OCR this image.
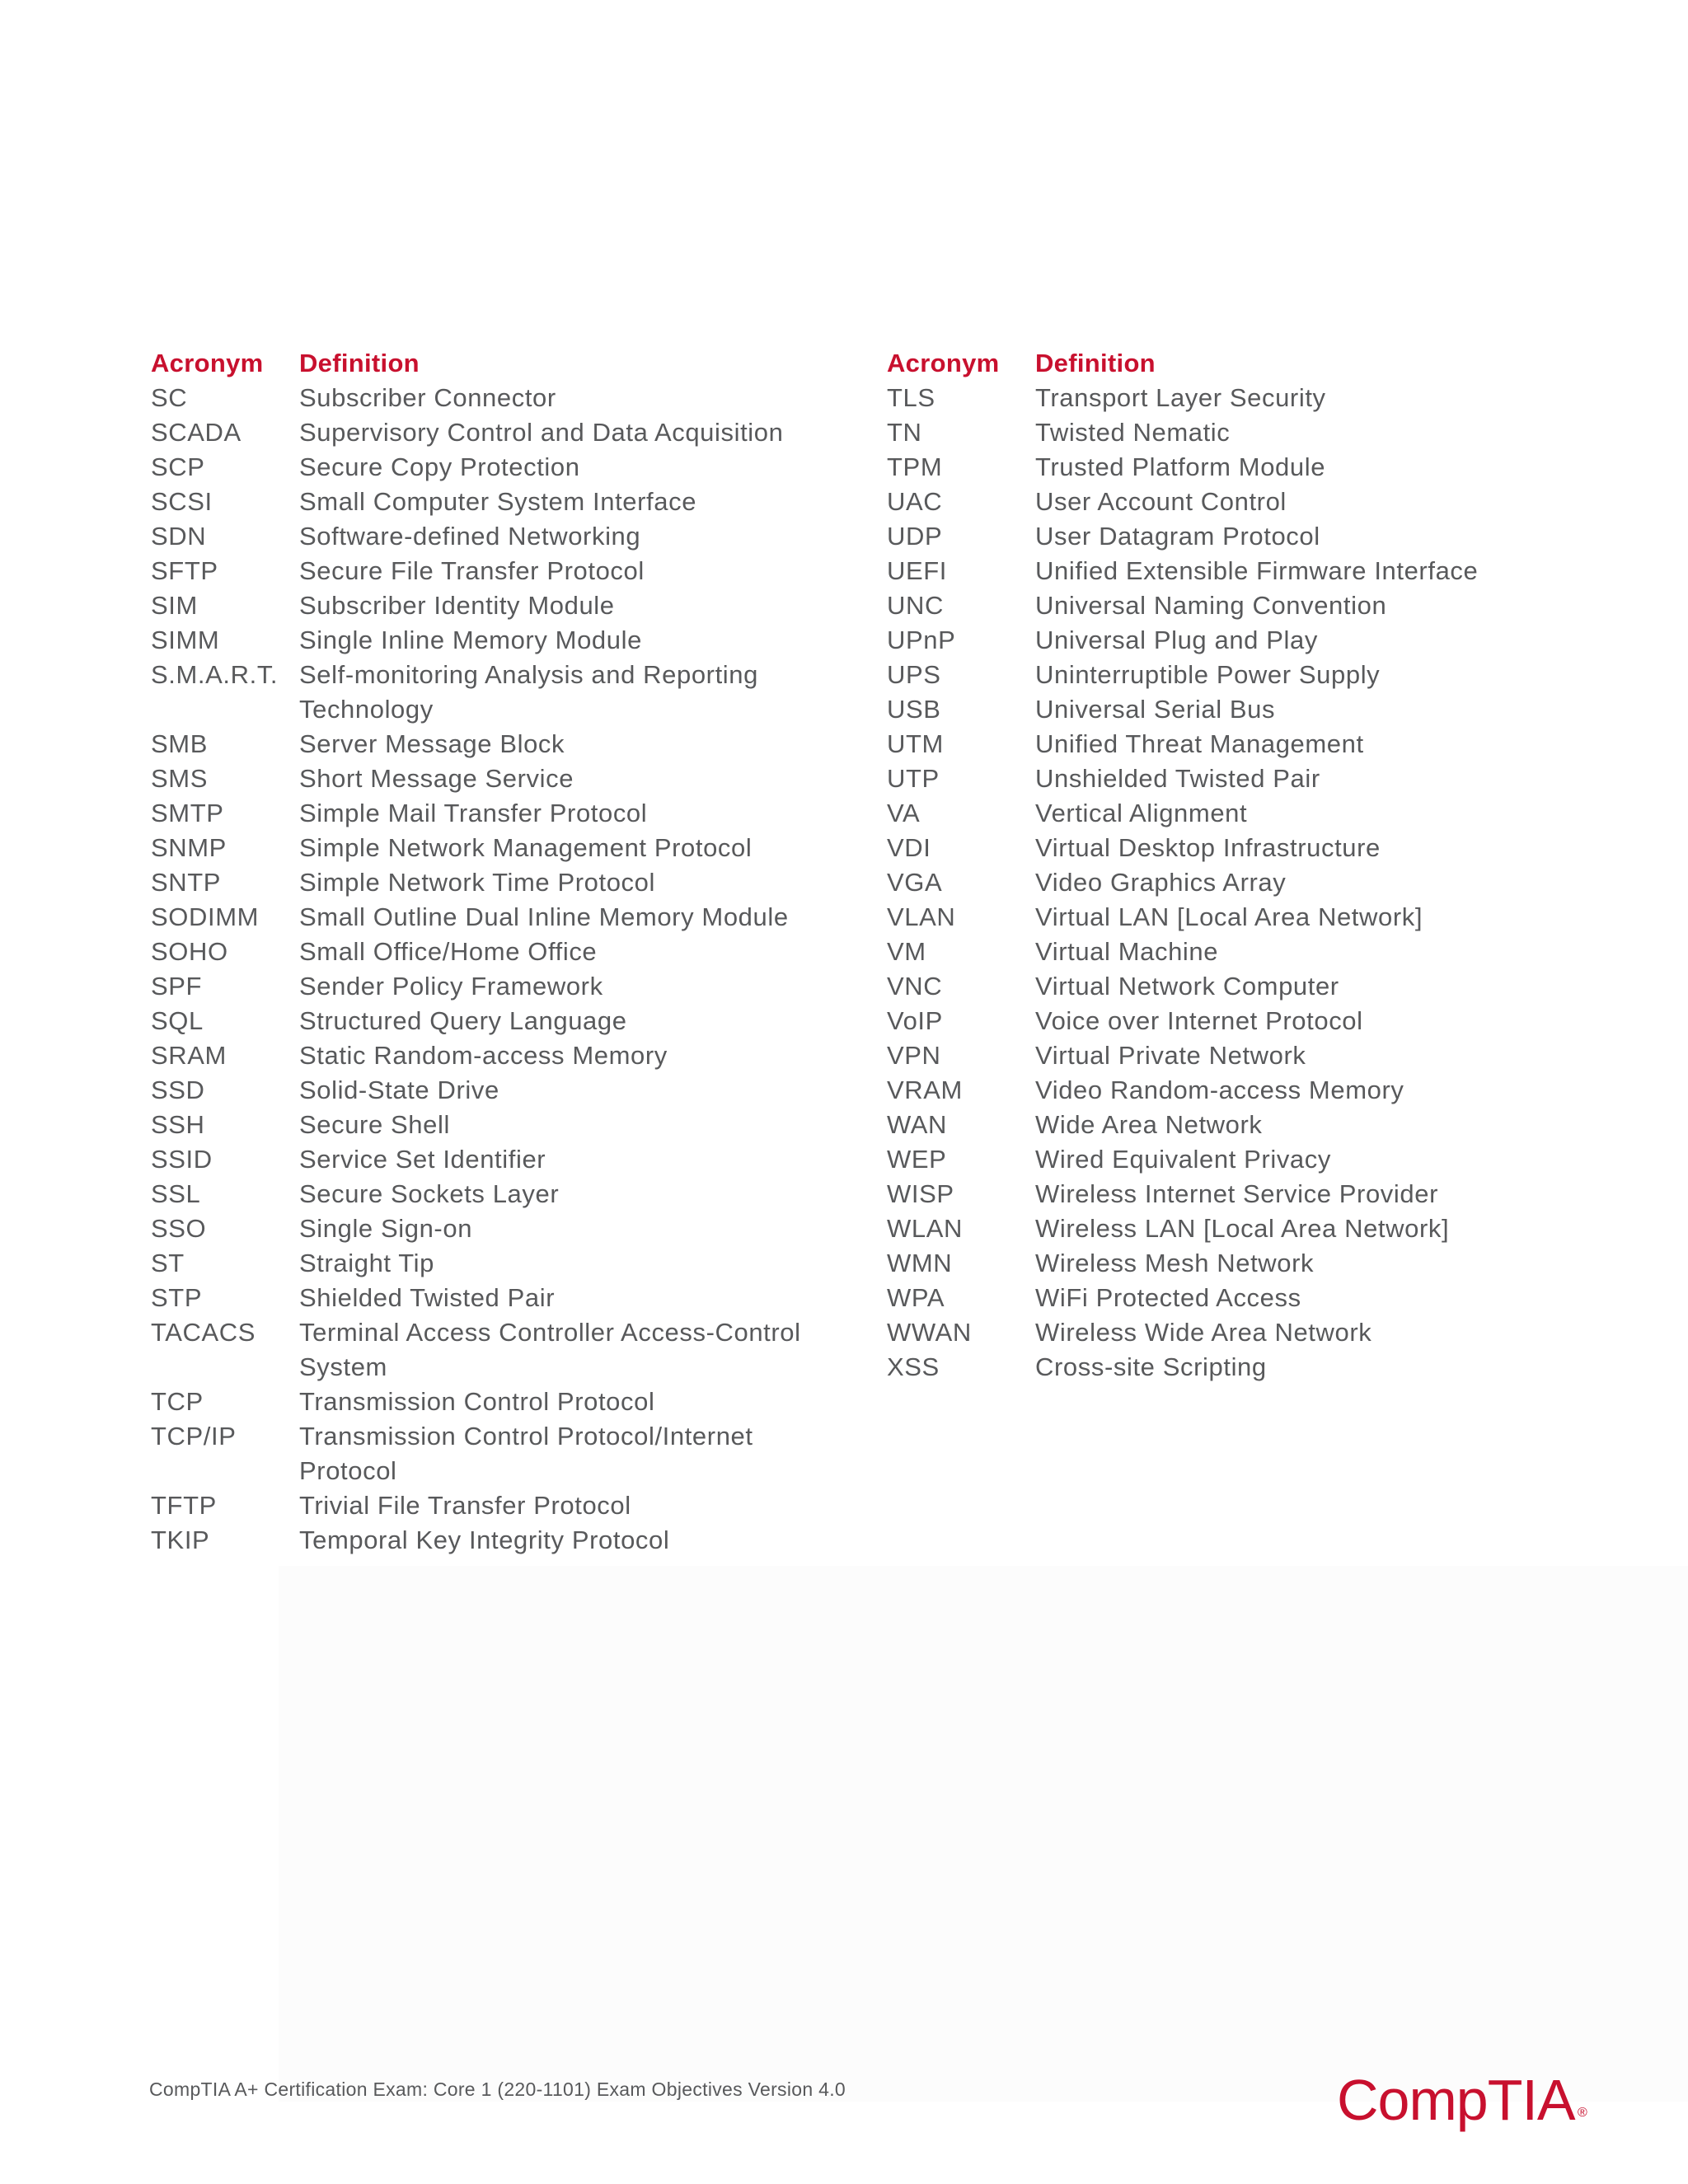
Acronym	Definition
SC	Subscriber Connector
SCADA	Supervisory Control and Data Acquisition
SCP	Secure Copy Protection
SCSI	Small Computer System Interface
SDN	Software-defined Networking
SFTP	Secure File Transfer Protocol
SIM	Subscriber Identity Module
SIMM	Single Inline Memory Module
S.M.A.R.T. Self-monitoring Analysis and Reporting
Technology
SMB	Server Message Block
SMS	Short Message Service
SMTP	Simple Mail Transfer Protocol
SNMP	Simple Network Management Protocol
SNTP	Simple Network Time Protocol
SODIMM	Small Outline Dual Inline Memory Module
SOHO	Small Office/Home Office
SPF	Sender Policy Framework
SQL	Structured Query Language
SRAM	Static Random-access Memory
SSD	Solid-State Drive
SSH	Secure Shell
SSID	Service Set Identifier
SSL	Secure Sockets Layer
SSO	Single Sign-on
ST	Straight Tip
STP	Shielded Twisted Pair
TACACS	Terminal Access Controller Access-Control
System
TCP	Transmission Control Protocol
TCP/IP	Transmission Control Protocol/Internet
Protocol
TFTP	Trivial File Transfer Protocol
TKIP	Temporal Key Integrity Protocol
Acronym	Definition
TLS	Transport Layer Security
TN	Twisted Nematic
TPM	Trusted Platform Module
UAC	User Account Control
UDP	User Datagram Protocol
UEFI	Unified Extensible Firmware Interface
UNC	Universal Naming Convention
UPnP	Universal Plug and Play
UPS	Uninterruptible Power Supply
USB	Universal Serial Bus
UTM	Unified Threat Management
UTP	Unshielded Twisted Pair
VA	Vertical Alignment
VDI	Virtual Desktop Infrastructure
VGA	Video Graphics Array
VLAN	Virtual LAN [Local Area Network]
VM	Virtual Machine
VNC	Virtual Network Computer
VoIP	Voice over Internet Protocol
VPN	Virtual Private Network
VRAM	Video Random-access Memory
WAN	Wide Area Network
WEP	Wired Equivalent Privacy
WISP	Wireless Internet Service Provider
WLAN	Wireless LAN [Local Area Network]
WMN	Wireless Mesh Network
WPA	WiFi Protected Access
WWAN	Wireless Wide Area Network
XSS	Cross-site Scripting
CompTIA A+ Certification Exam: Core 1 (220-1101) Exam Objectives Version 4.0	CompTIA ®
